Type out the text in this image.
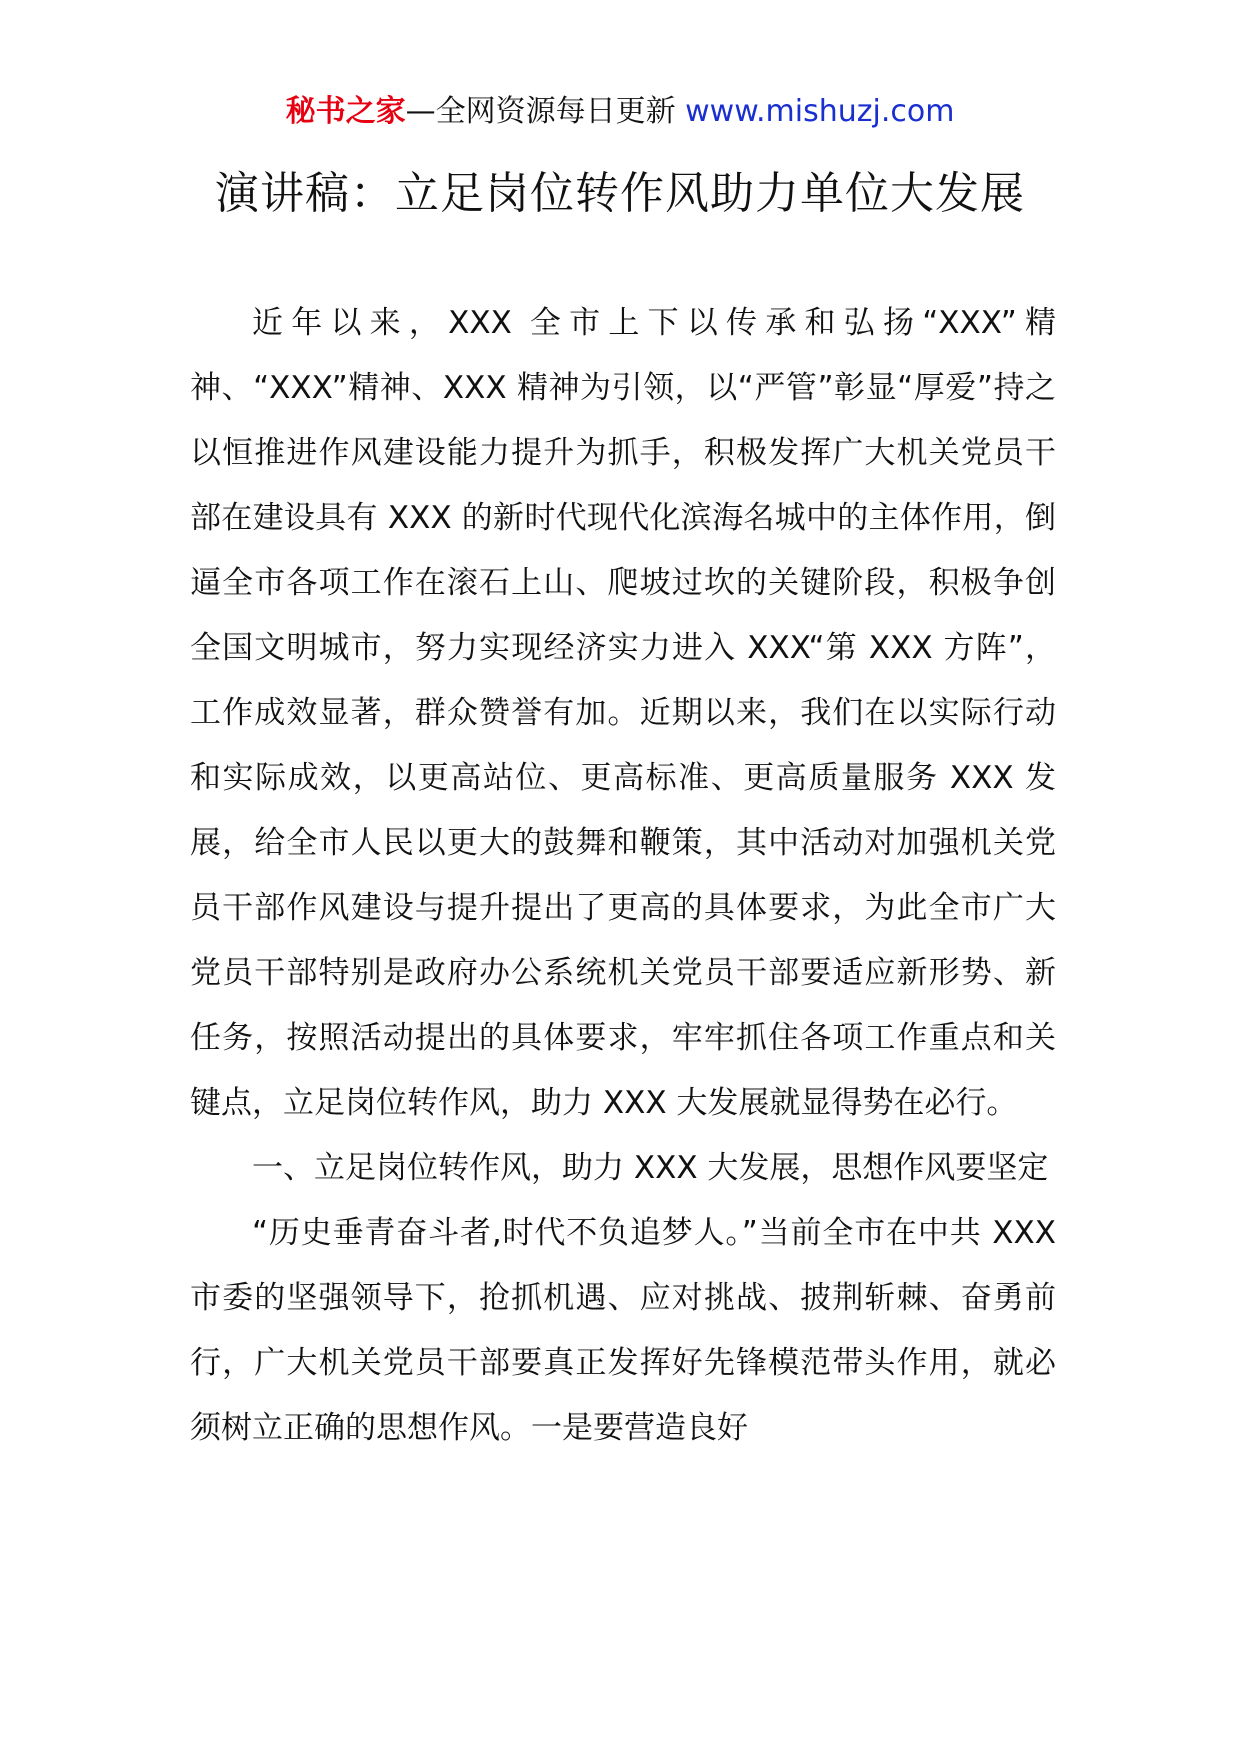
秘书之家—全网资源每日更新 www.mishuzj.com
演讲稿：立足岗位转作风助力单位大发展

近年以来，XXX 全市上下以传承和弘扬“XXX”精神、“XXX”精神、XXX 精神为引领，以“严管”彰显“厚爱”持之以恒推进作风建设能力提升为抓手，积极发挥广大机关党员干部在建设具有 XXX 的新时代现代化滨海名城中的主体作用，倒逼全市各项工作在滚石上山、爬坡过坎的关键阶段，积极争创全国文明城市，努力实现经济实力进入 XXX“第 XXX 方阵”，工作成效显著，群众赞誉有加。近期以来，我们在以实际行动和实际成效，以更高站位、更高标准、更高质量服务 XXX 发展，给全市人民以更大的鼓舞和鞭策，其中活动对加强机关党员干部作风建设与提升提出了更高的具体要求，为此全市广大党员干部特别是政府办公系统机关党员干部要适应新形势、新任务，按照活动提出的具体要求，牢牢抓住各项工作重点和关键点，立足岗位转作风，助力 XXX 大发展就显得势在必行。

一、立足岗位转作风，助力 XXX 大发展，思想作风要坚定

“历史垂青奋斗者,时代不负追梦人。”当前全市在中共 XXX 市委的坚强领导下，抢抓机遇、应对挑战、披荆斩棘、奋勇前行，广大机关党员干部要真正发挥好先锋模范带头作用，就必须树立正确的思想作风。一是要营造良好
